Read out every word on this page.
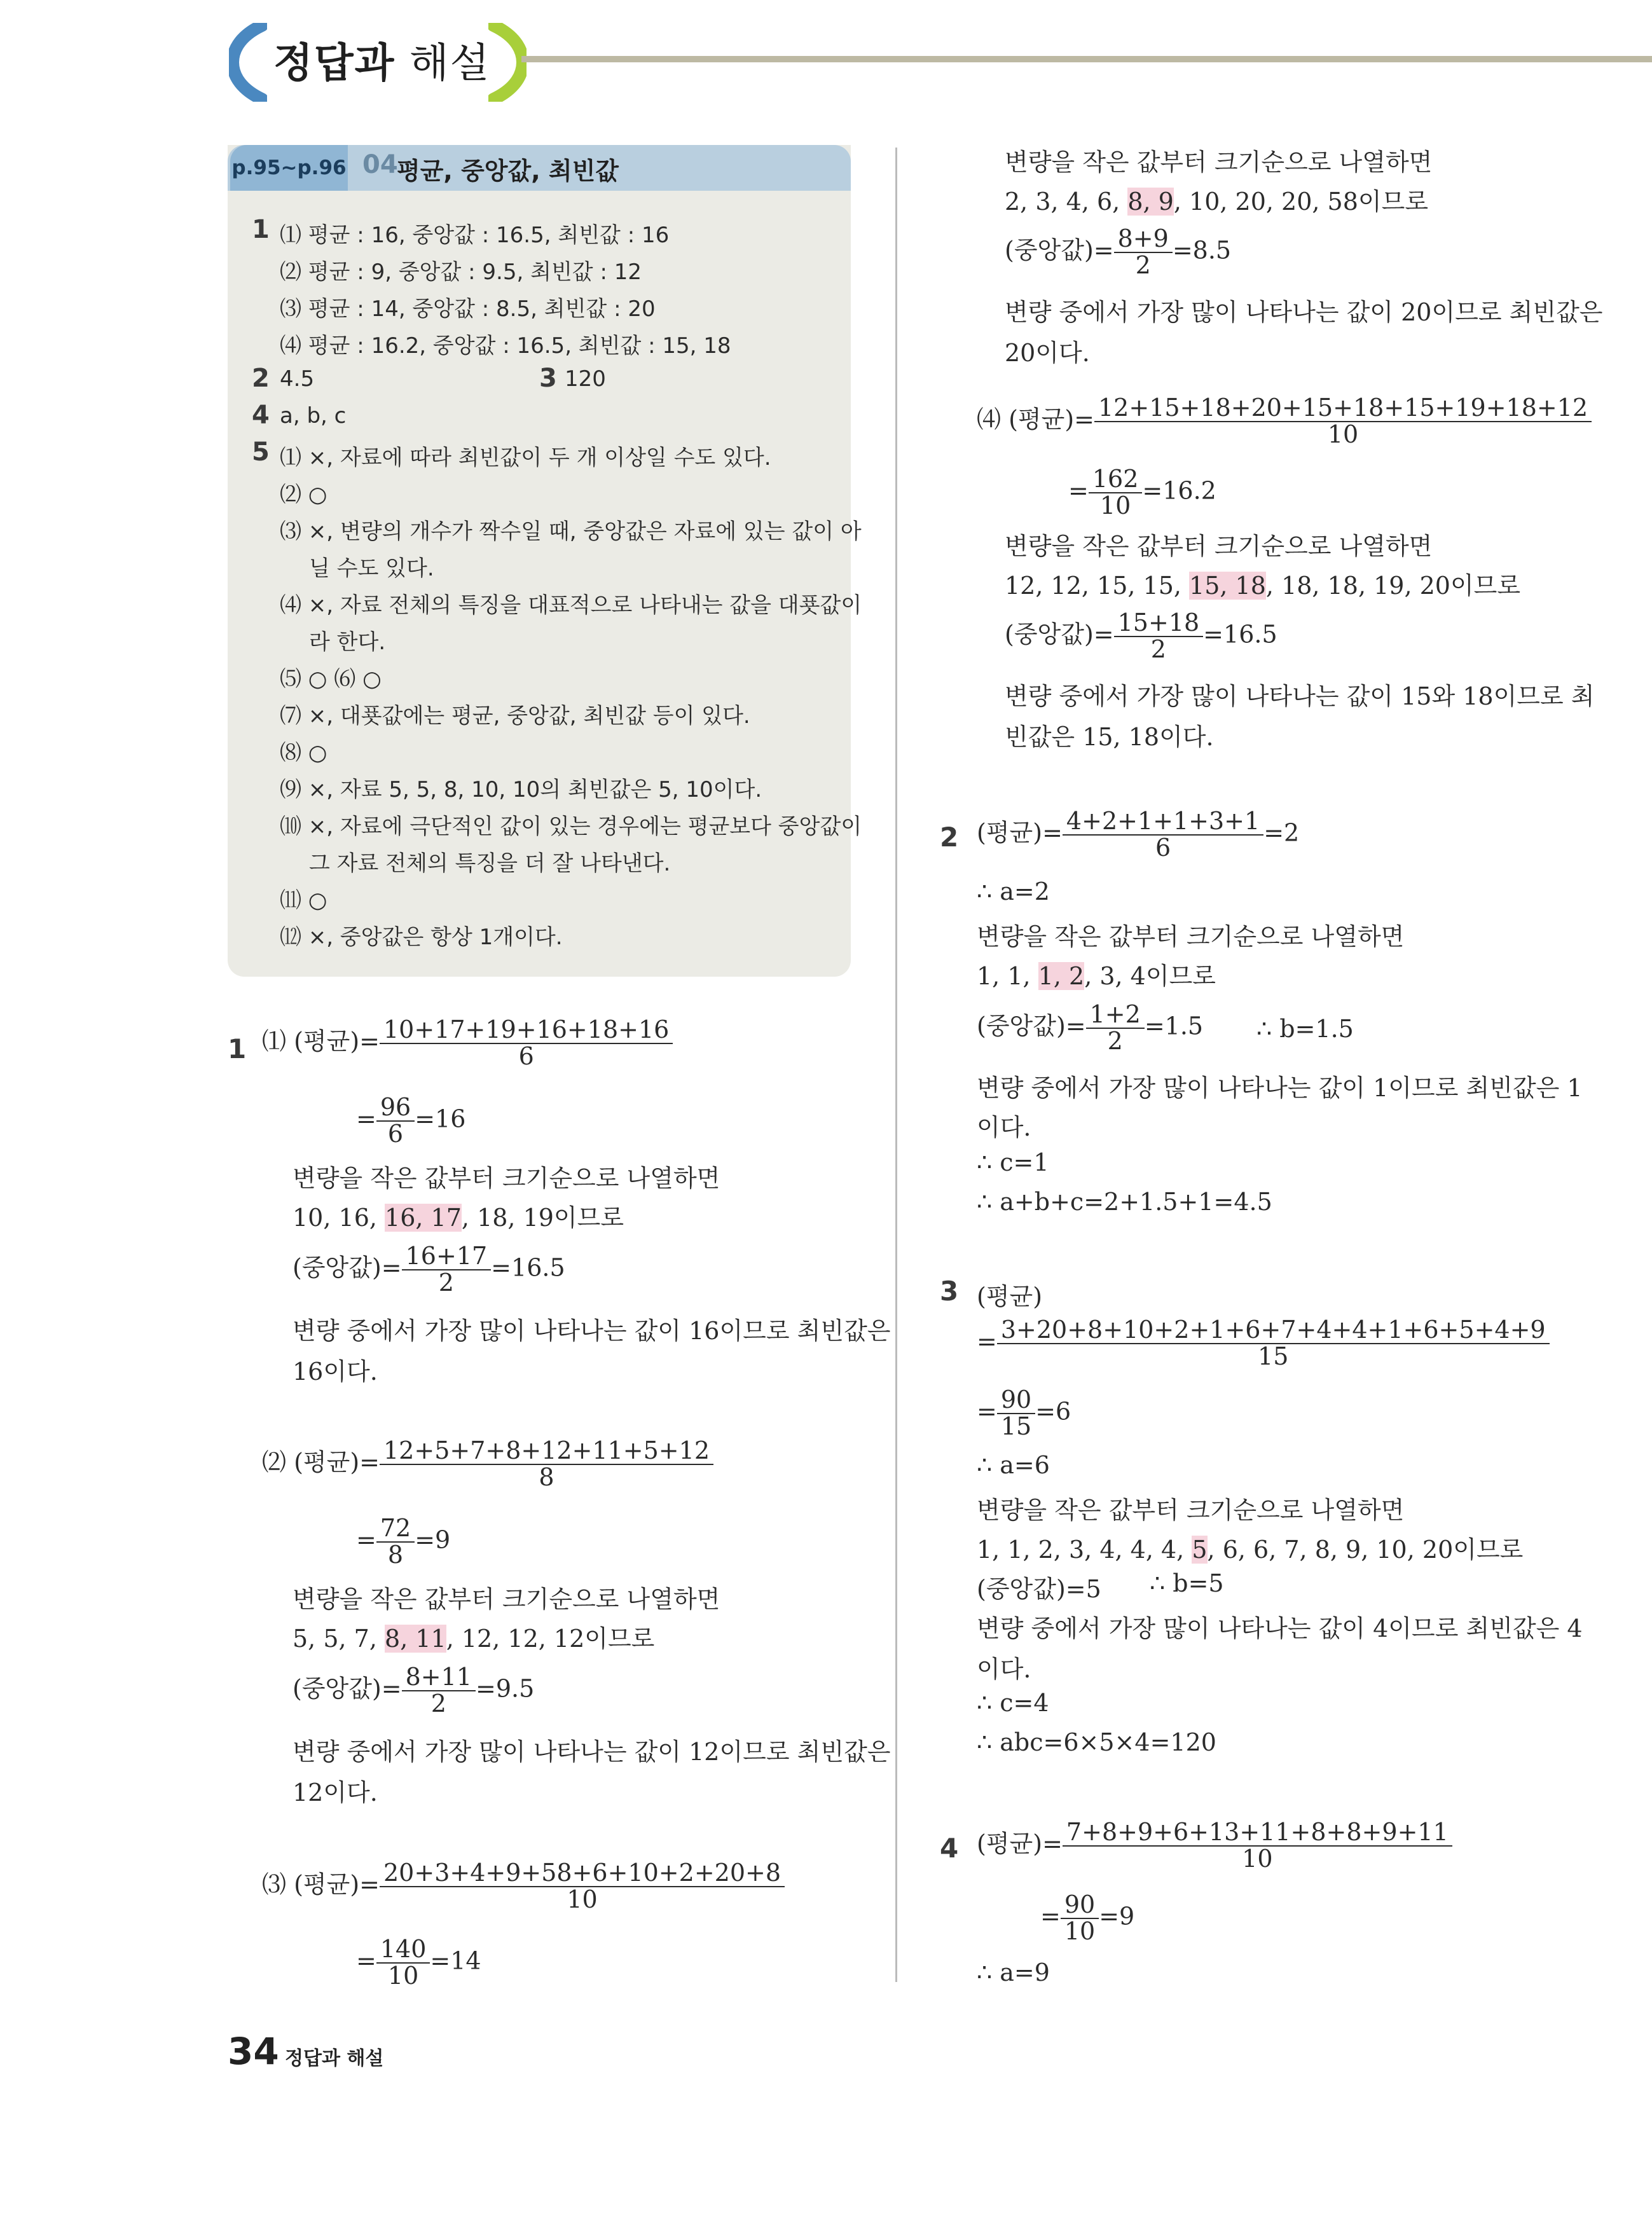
정답과 해설
p.95~p.96 04
평균, 중앙값, 최빈값
1 ⑴ 평균 : 16, 중앙값 : 16.5, 최빈값 : 16
⑵ 평균 : 9, 중앙값 : 9.5, 최빈값 : 12
⑶ 평균 : 14, 중앙값 : 8.5, 최빈값 : 20
⑷ 평균 : 16.2, 중앙값 : 16.5, 최빈값 : 15, 18
2 4.5
4 a, b, c
5 ⑴ ×, 자료에 따라 최빈값이 두 개 이상일 수도 있다.
⑵ ○
⑶ ×, 변량의 개수가 짝수일 때, 중앙값은 자료에 있는 값이 아
닐 수도 있다.
⑷ ×, 자료 전체의 특징을 대표적으로 나타내는 값을 대푯값이
라 한다.
⑸ ○ ⑹ ○
⑺ ×, 대푯값에는 평균, 중앙값, 최빈값 등이 있다.
⑻ ○
⑼ ×, 자료 5, 5, 8, 10, 10의 최빈값은 5, 10이다.
⑽ ×, 자료에 극단적인 값이 있는 경우에는 평균보다 중앙값이
그 자료 전체의 특징을 더 잘 나타낸다.
⑾ ○
⑿ ×, 중앙값은 항상 1개이다.
3 120
1 ⑴ (평균)= $\frac{10+17+19+16+18+16}{6}$
= $\frac{96}{6} =16$
변량을 작은 값부터 크기순으로 나열하면
10, 16, 16, 17, 18, 19이므로
(중앙값)= $\frac{16+17}{2} =16.5$
변량 중에서 가장 많이 나타나는 값이 16이므로 최빈값은
16이다.
⑵ (평균)= $\frac{12+5+7+8+12+11+5+12}{8}$
= $\frac{72}{8} =9$
변량을 작은 값부터 크기순으로 나열하면
5, 5, 7, 8, 11, 12, 12, 12이므로
(중앙값)= $\frac{8+11}{2} =9.5$
변량 중에서 가장 많이 나타나는 값이 12이므로 최빈값은
12이다.
⑶ (평균)= $\frac{20+3+4+9+58+6+10+2+20+8}{10}$
= $\frac{140}{10} =14$
변량을 작은 값부터 크기순으로 나열하면
2, 3, 4, 6, 8, 9, 10, 20, 20, 58이므로
(중앙값)= $\frac{8+9}{2} =8.5$
변량 중에서 가장 많이 나타나는 값이 20이므로 최빈값은
20이다.
⑷ (평균)= $\frac{12+15+18+20+15+18+15+19+18+12}{10}$
= $\frac{162}{10} =16.2$
변량을 작은 값부터 크기순으로 나열하면
12, 12, 15, 15, 15, 18, 18, 18, 19, 20이므로
(중앙값)= $\frac{15+18}{2} =16.5$
변량 중에서 가장 많이 나타나는 값이 15와 18이므로 최
빈값은 15, 18이다.
2 (평균)= $\frac{4+2+1+1+3+1}{6} =2$
∴ a=2
변량을 작은 값부터 크기순으로 나열하면
1, 1, 1, 2, 3, 4이므로
(중앙값)= $\frac{1+2}{2} =1.5$ ∴ b=1.5
변량 중에서 가장 많이 나타나는 값이 1이므로 최빈값은 1
이다.
∴ c=1
∴ a+b+c=2+1.5+1=4.5
3 (평균)
= $\frac{3+20+8+10+2+1+6+7+4+4+1+6+5+4+9}{15}$
= $\frac{90}{15} =6$
∴ a=6
변량을 작은 값부터 크기순으로 나열하면
1, 1, 2, 3, 4, 4, 4, 5, 6, 6, 7, 8, 9, 10, 20이므로
(중앙값)=5 ∴ b=5
변량 중에서 가장 많이 나타나는 값이 4이므로 최빈값은 4
이다.
∴ c=4
∴ abc=6×5×4=120
4 (평균)= $\frac{7+8+9+6+13+11+8+8+9+11}{10}$
= $\frac{90}{10} =9$
∴ a=9
34 정답과 해설
